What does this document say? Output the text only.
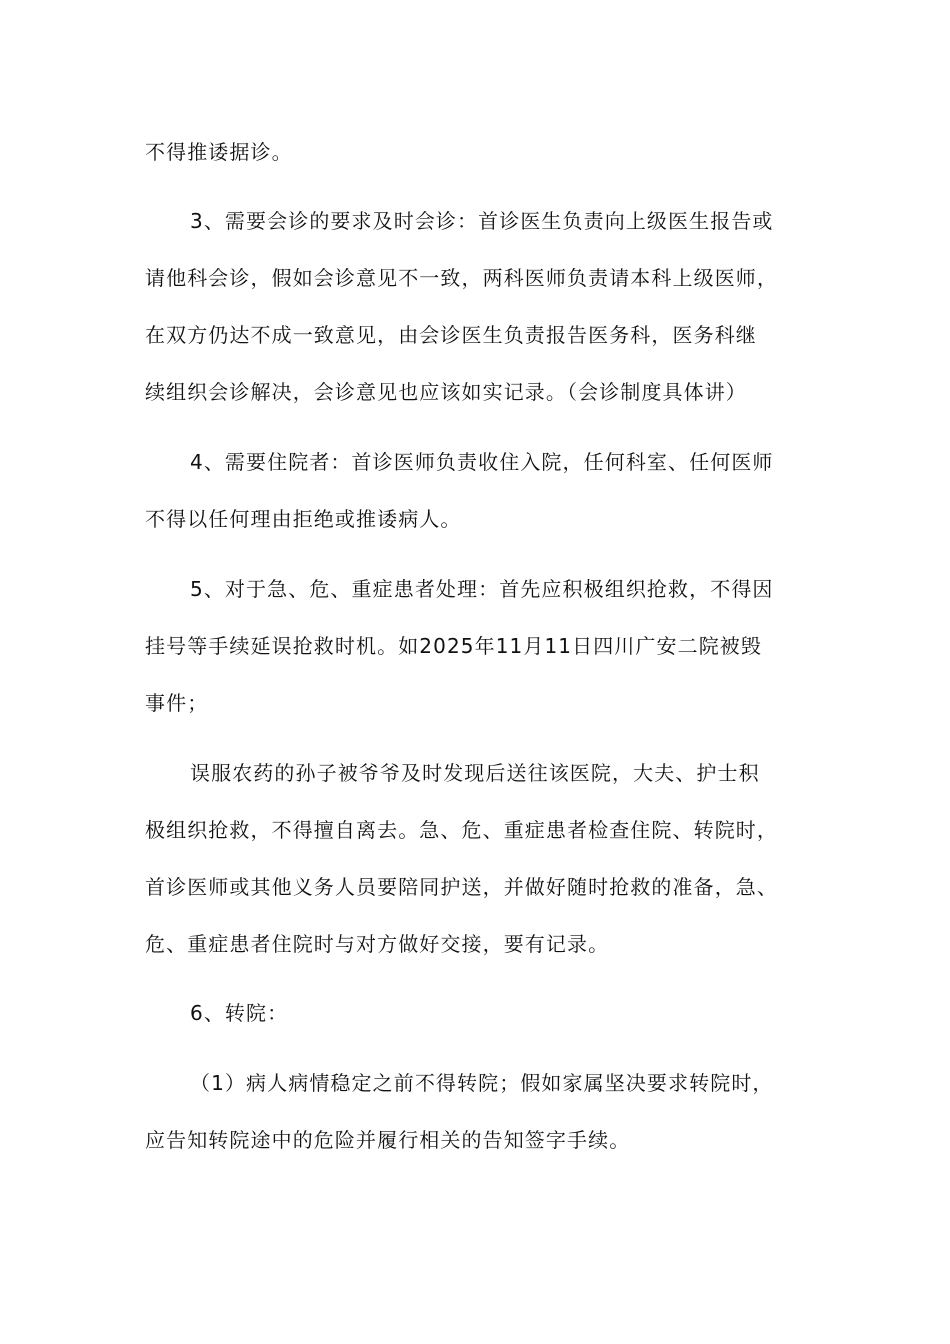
不得推诿据诊。
3、需要会诊的要求及时会诊：首诊医生负责向上级医生报告或
请他科会诊，假如会诊意见不一致，两科医师负责请本科上级医师，
在双方仍达不成一致意见，由会诊医生负责报告医务科，医务科继
续组织会诊解决，会诊意见也应该如实记录。（会诊制度具体讲）
4、需要住院者：首诊医师负责收住入院，任何科室、任何医师
不得以任何理由拒绝或推诿病人。
5、对于急、危、重症患者处理：首先应积极组织抢救，不得因
挂号等手续延误抢救时机。如2025年11月11日四川广安二院被毁
事件；
误服农药的孙子被爷爷及时发现后送往该医院，大夫、护士积
极组织抢救，不得擅自离去。急、危、重症患者检查住院、转院时，
首诊医师或其他义务人员要陪同护送，并做好随时抢救的准备，急、
危、重症患者住院时与对方做好交接，要有记录。
6、转院：
（1）病人病情稳定之前不得转院；假如家属坚决要求转院时，
应告知转院途中的危险并履行相关的告知签字手续。
